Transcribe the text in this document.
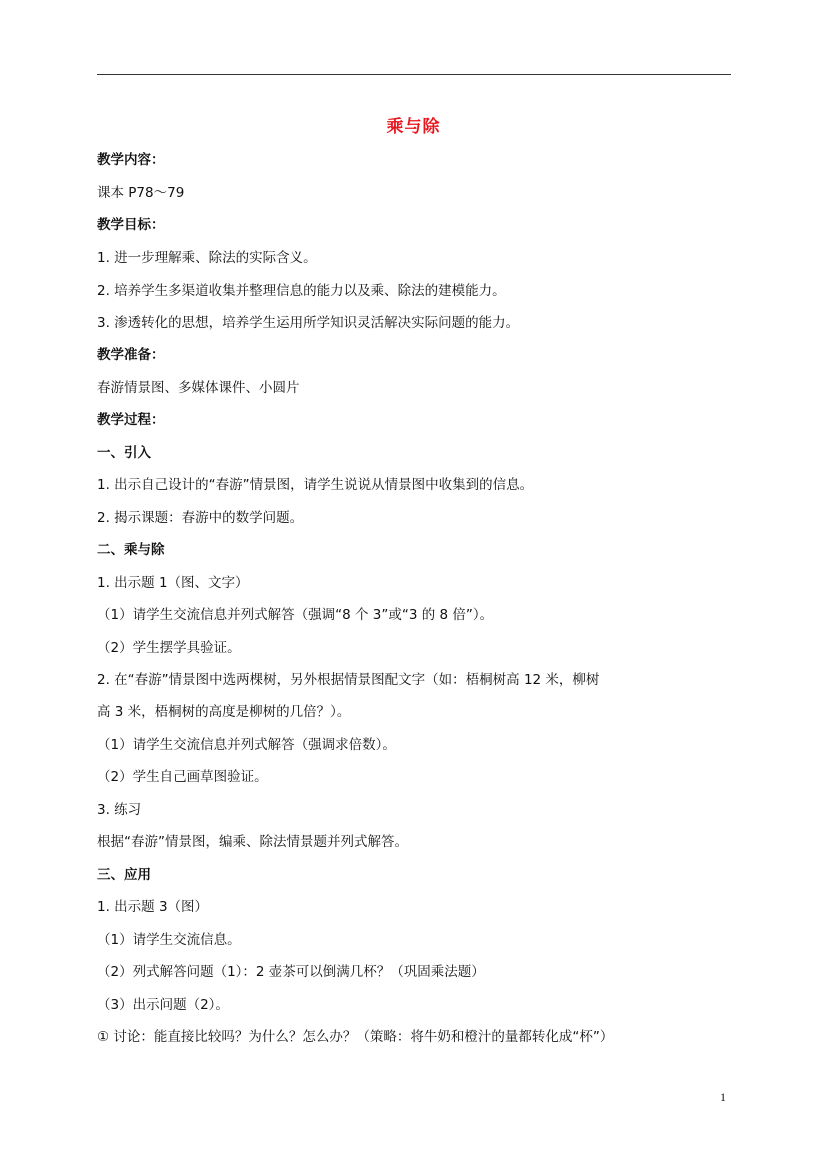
乘与除
教学内容：
课本 P78～79
教学目标：
1. 进一步理解乘、除法的实际含义。
2. 培养学生多渠道收集并整理信息的能力以及乘、除法的建模能力。
3. 渗透转化的思想，培养学生运用所学知识灵活解决实际问题的能力。
教学准备：
春游情景图、多媒体课件、小圆片
教学过程：
一、引入
1. 出示自己设计的“春游”情景图，请学生说说从情景图中收集到的信息。
2. 揭示课题：春游中的数学问题。
二、乘与除
1. 出示题 1（图、文字）
（1）请学生交流信息并列式解答（强调“8 个 3”或“3 的 8 倍”）。
（2）学生摆学具验证。
2. 在“春游”情景图中选两棵树，另外根据情景图配文字（如：梧桐树高 12 米，柳树
高 3 米，梧桐树的高度是柳树的几倍？）。
（1）请学生交流信息并列式解答（强调求倍数）。
（2）学生自己画草图验证。
3. 练习
根据“春游”情景图，编乘、除法情景题并列式解答。
三、应用
1. 出示题 3（图）
（1）请学生交流信息。
（2）列式解答问题（1）：2 壶茶可以倒满几杯？（巩固乘法题）
（3）出示问题（2）。
① 讨论：能直接比较吗？为什么？怎么办？（策略：将牛奶和橙汁的量都转化成“杯”）
1
